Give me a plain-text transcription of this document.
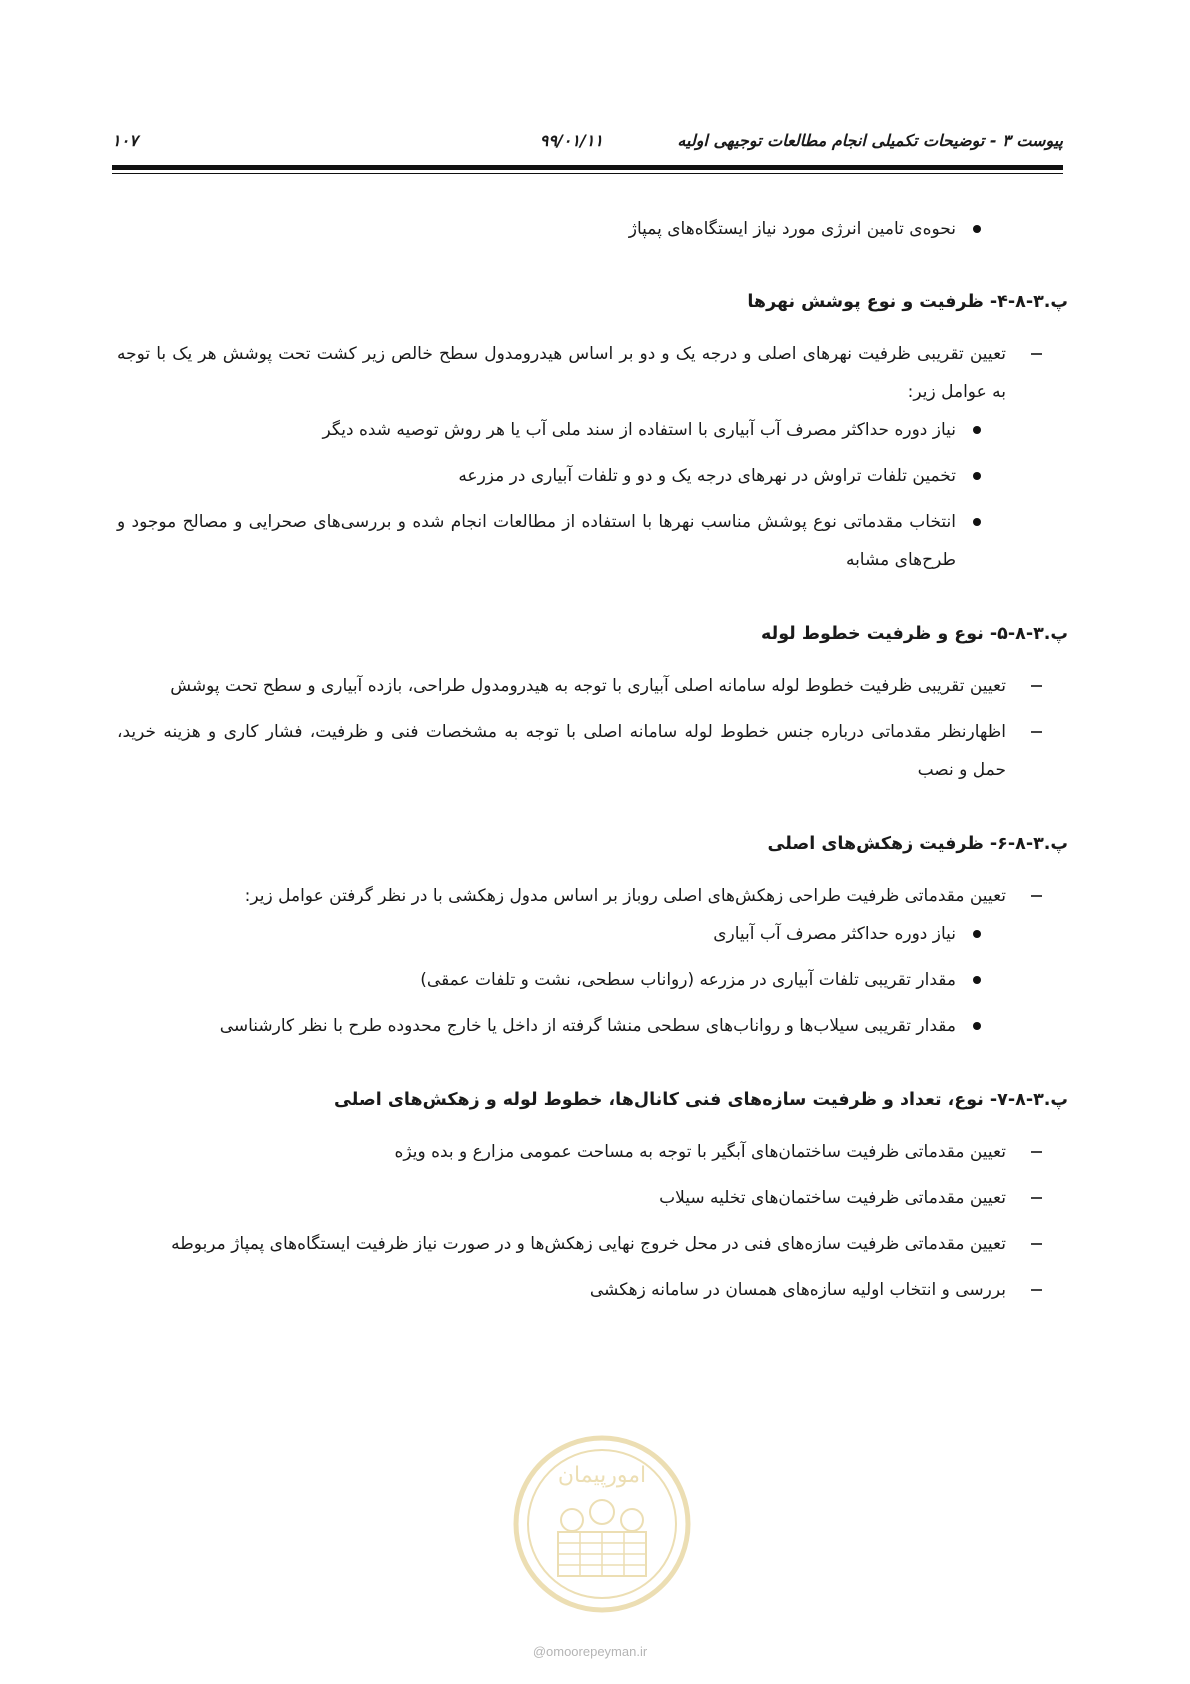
پیوست ۳ - توضیحات تکمیلی انجام مطالعات توجیهی اولیه
۹۹/۰۱/۱۱
۱۰۷
نحوه‌ی تامین انرژی مورد نیاز ایستگاه‌های پمپاژ

پ.۳-۸-۴- ظرفیت و نوع پوشش نهرها

تعیین تقریبی ظرفیت نهرهای اصلی و درجه یک و دو بر اساس هیدرومدول سطح خالص زیر کشت تحت پوشش هر یک با توجه به عوامل زیر:
نیاز دوره حداکثر مصرف آب آبیاری با استفاده از سند ملی آب یا هر روش توصیه شده دیگر
تخمین تلفات تراوش در نهرهای درجه یک و دو و تلفات آبیاری در مزرعه
انتخاب مقدماتی نوع پوشش مناسب نهرها با استفاده از مطالعات انجام شده و بررسی‌های صحرایی و مصالح موجود و طرح‌های مشابه

پ.۳-۸-۵- نوع و ظرفیت خطوط لوله

تعیین تقریبی ظرفیت خطوط لوله سامانه اصلی آبیاری با توجه به هیدرومدول طراحی، بازده آبیاری و سطح تحت پوشش
اظهارنظر مقدماتی درباره جنس خطوط لوله سامانه اصلی با توجه به مشخصات فنی و ظرفیت، فشار کاری و هزینه خرید، حمل و نصب

پ.۳-۸-۶- ظرفیت زهکش‌های اصلی

تعیین مقدماتی ظرفیت طراحی زهکش‌های اصلی روباز بر اساس مدول زهکشی با در نظر گرفتن عوامل زیر:
نیاز دوره حداکثر مصرف آب آبیاری
مقدار تقریبی تلفات آبیاری در مزرعه (رواناب سطحی، نشت و تلفات عمقی)
مقدار تقریبی سیلاب‌ها و رواناب‌های سطحی منشا گرفته از داخل یا خارج محدوده طرح با نظر کارشناسی

پ.۳-۸-۷- نوع، تعداد و ظرفیت سازه‌های فنی کانال‌ها، خطوط لوله و زهکش‌های اصلی

تعیین مقدماتی ظرفیت ساختمان‌های آبگیر با توجه به مساحت عمومی مزارع و بده ویژه
تعیین مقدماتی ظرفیت ساختمان‌های تخلیه سیلاب
تعیین مقدماتی ظرفیت سازه‌های فنی در محل خروج نهایی زهکش‌ها و در صورت نیاز ظرفیت ایستگاه‌های پمپاژ مربوطه
بررسی و انتخاب اولیه سازه‌های همسان در سامانه زهکشی
امورپیمان
@omoorepeyman.ir
